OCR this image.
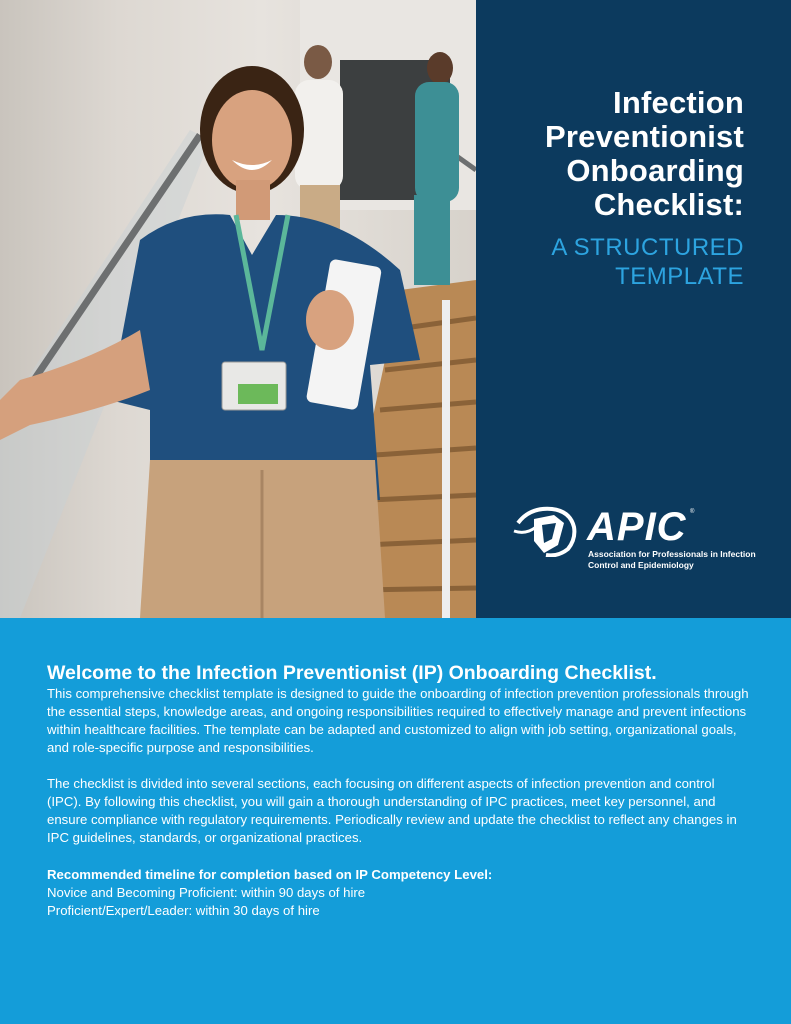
Infection Preventionist Onboarding Checklist:
A STRUCTURED TEMPLATE
APIC ®
Association for Professionals in Infection Control and Epidemiology
Welcome to the Infection Preventionist (IP) Onboarding Checklist.

This comprehensive checklist template is designed to guide the onboarding of infection prevention professionals through the essential steps, knowledge areas, and ongoing responsibilities required to effectively manage and prevent infections within healthcare facilities. The template can be adapted and customized to align with job setting, organizational goals, and role-specific purpose and responsibilities.

The checklist is divided into several sections, each focusing on different aspects of infection prevention and control (IPC). By following this checklist, you will gain a thorough understanding of IPC practices, meet key personnel, and ensure compliance with regulatory requirements. Periodically review and update the checklist to reflect any changes in IPC guidelines, standards, or organizational practices.

Recommended timeline for completion based on IP Competency Level:
Novice and Becoming Proficient: within 90 days of hire
Proficient/Expert/Leader: within 30 days of hire
